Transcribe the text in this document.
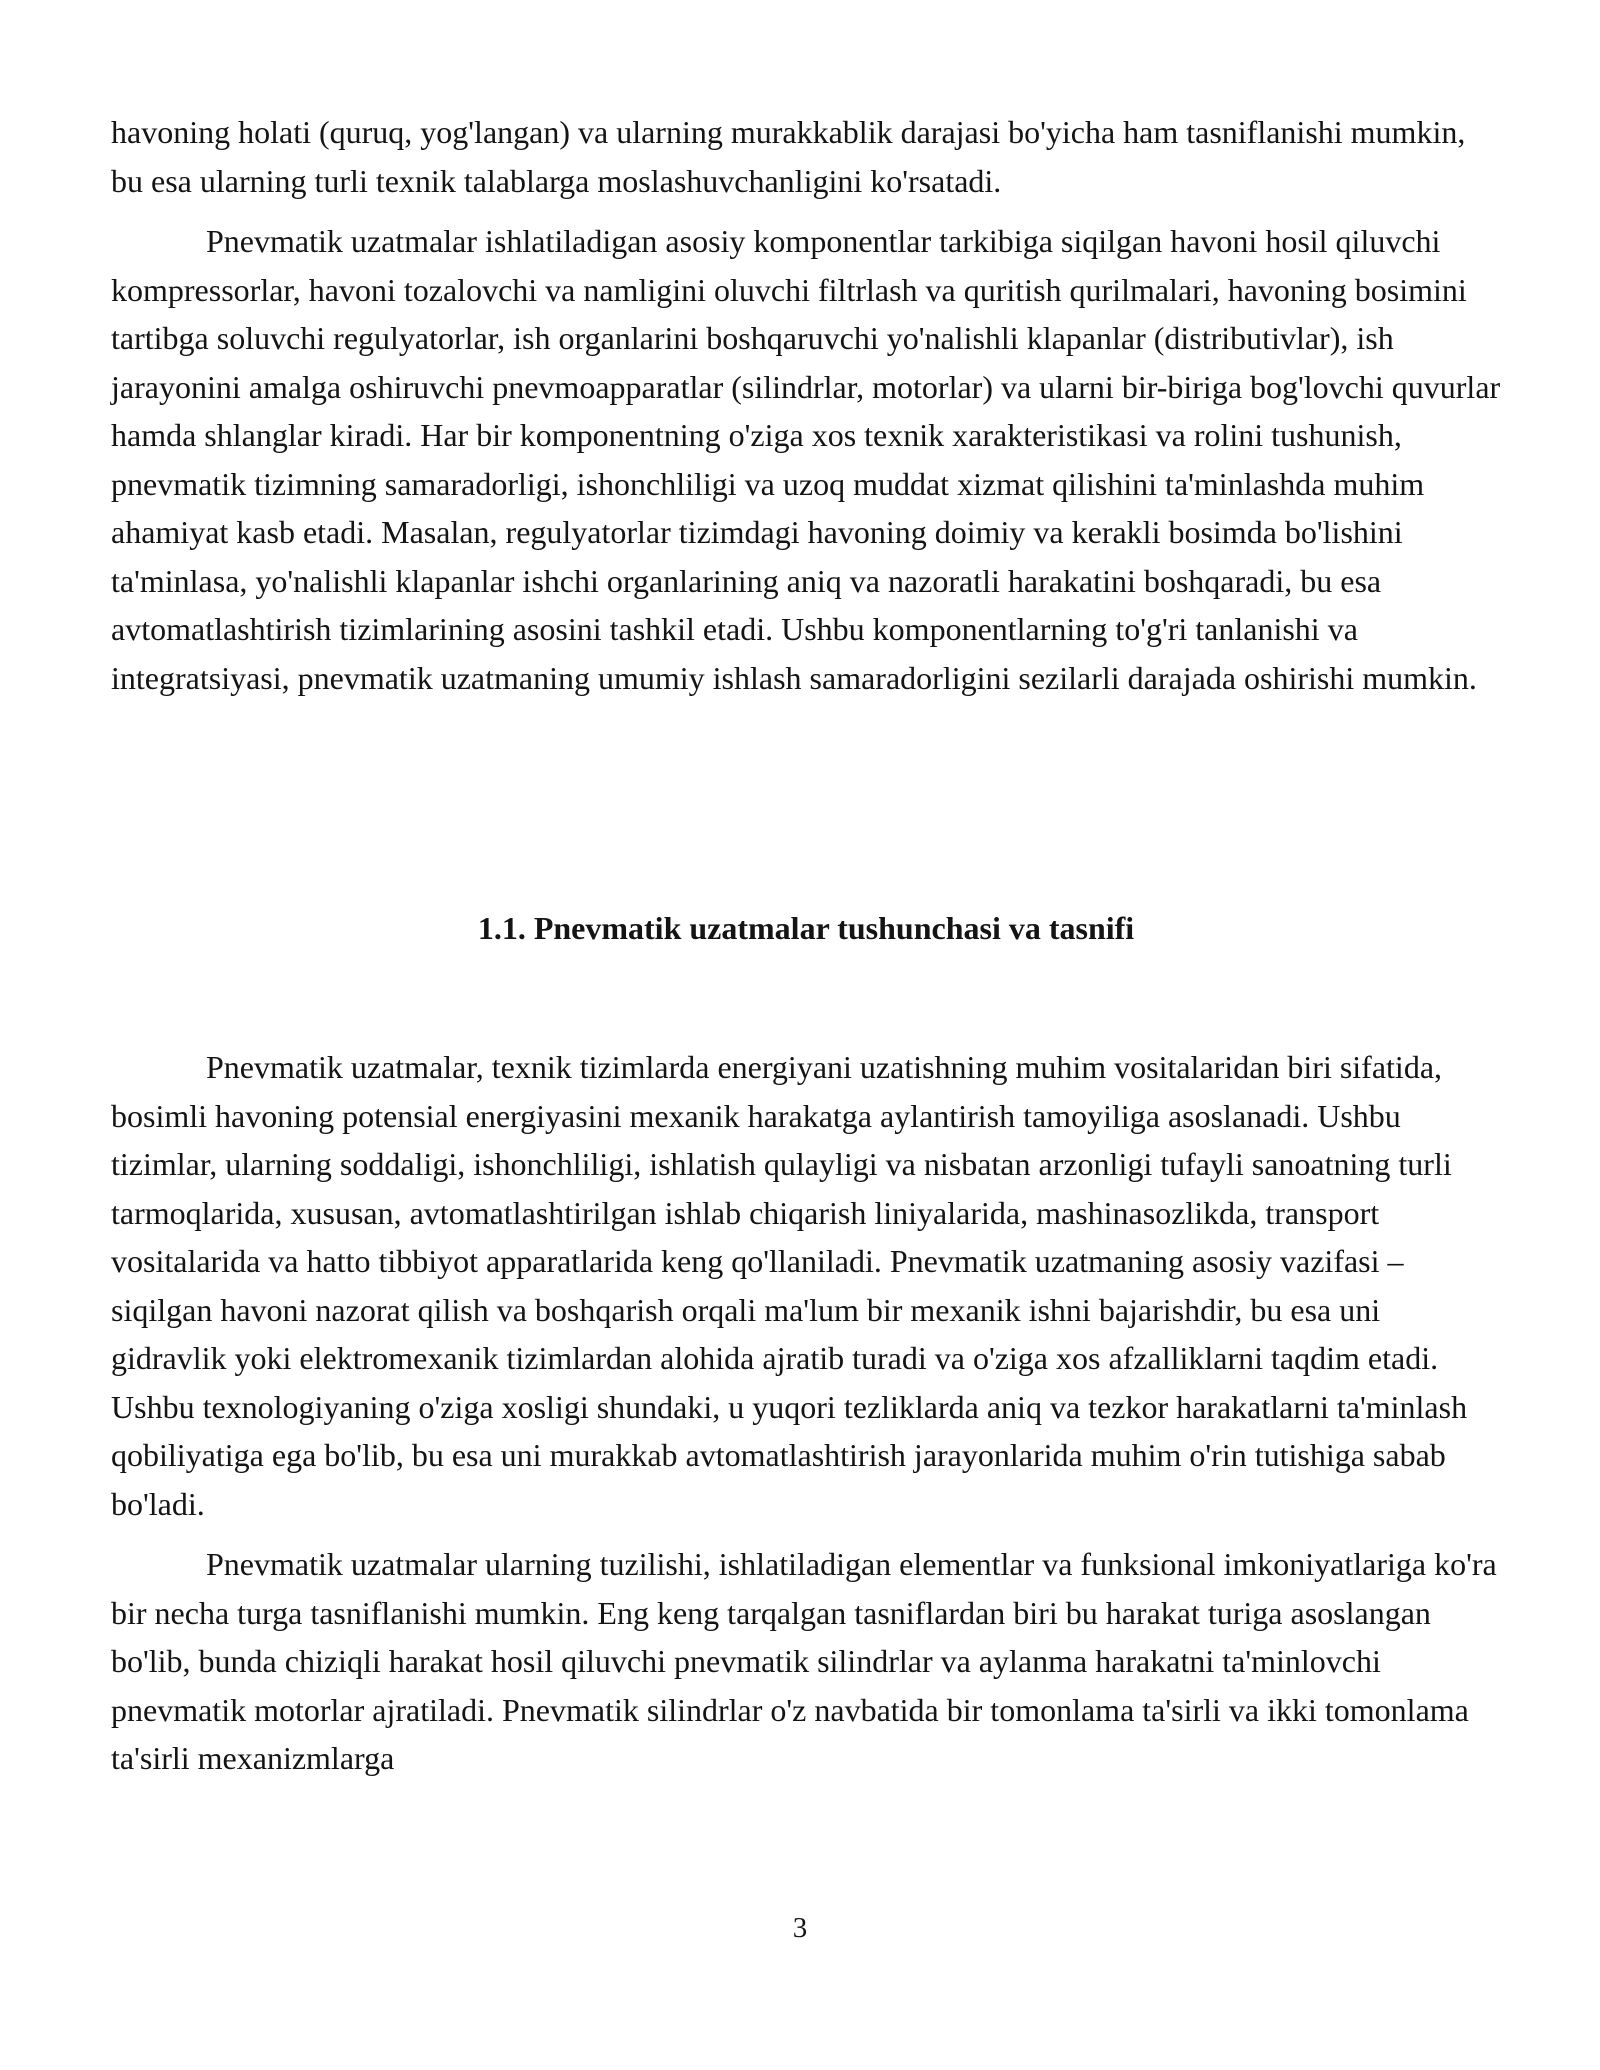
havoning holati (quruq, yog'langan) va ularning murakkablik darajasi bo'yicha ham tasniflanishi mumkin, bu esa ularning turli texnik talablarga moslashuvchanligini ko'rsatadi.

Pnevmatik uzatmalar ishlatiladigan asosiy komponentlar tarkibiga siqilgan havoni hosil qiluvchi kompressorlar, havoni tozalovchi va namligini oluvchi filtrlash va quritish qurilmalari, havoning bosimini tartibga soluvchi regulyatorlar, ish organlarini boshqaruvchi yo'nalishli klapanlar (distributivlar), ish jarayonini amalga oshiruvchi pnevmoapparatlar (silindrlar, motorlar) va ularni bir-biriga bog'lovchi quvurlar hamda shlanglar kiradi. Har bir komponentning o'ziga xos texnik xarakteristikasi va rolini tushunish, pnevmatik tizimning samaradorligi, ishonchliligi va uzoq muddat xizmat qilishini ta'minlashda muhim ahamiyat kasb etadi. Masalan, regulyatorlar tizimdagi havoning doimiy va kerakli bosimda bo'lishini ta'minlasa, yo'nalishli klapanlar ishchi organlarining aniq va nazoratli harakatini boshqaradi, bu esa avtomatlashtirish tizimlarining asosini tashkil etadi. Ushbu komponentlarning to'g'ri tanlanishi va integratsiyasi, pnevmatik uzatmaning umumiy ishlash samaradorligini sezilarli darajada oshirishi mumkin.

1.1. Pnevmatik uzatmalar tushunchasi va tasnifi

Pnevmatik uzatmalar, texnik tizimlarda energiyani uzatishning muhim vositalaridan biri sifatida, bosimli havoning potensial energiyasini mexanik harakatga aylantirish tamoyiliga asoslanadi. Ushbu tizimlar, ularning soddaligi, ishonchliligi, ishlatish qulayligi va nisbatan arzonligi tufayli sanoatning turli tarmoqlarida, xususan, avtomatlashtirilgan ishlab chiqarish liniyalarida, mashinasozlikda, transport vositalarida va hatto tibbiyot apparatlarida keng qo'llaniladi. Pnevmatik uzatmaning asosiy vazifasi – siqilgan havoni nazorat qilish va boshqarish orqali ma'lum bir mexanik ishni bajarishdir, bu esa uni gidravlik yoki elektromexanik tizimlardan alohida ajratib turadi va o'ziga xos afzalliklarni taqdim etadi. Ushbu texnologiyaning o'ziga xosligi shundaki, u yuqori tezliklarda aniq va tezkor harakatlarni ta'minlash qobiliyatiga ega bo'lib, bu esa uni murakkab avtomatlashtirish jarayonlarida muhim o'rin tutishiga sabab bo'ladi.

Pnevmatik uzatmalar ularning tuzilishi, ishlatiladigan elementlar va funksional imkoniyatlariga ko'ra bir necha turga tasniflanishi mumkin. Eng keng tarqalgan tasniflardan biri bu harakat turiga asoslangan bo'lib, bunda chiziqli harakat hosil qiluvchi pnevmatik silindrlar va aylanma harakatni ta'minlovchi pnevmatik motorlar ajratiladi. Pnevmatik silindrlar o'z navbatida bir tomonlama ta'sirli va ikki tomonlama ta'sirli mexanizmlarga

3
